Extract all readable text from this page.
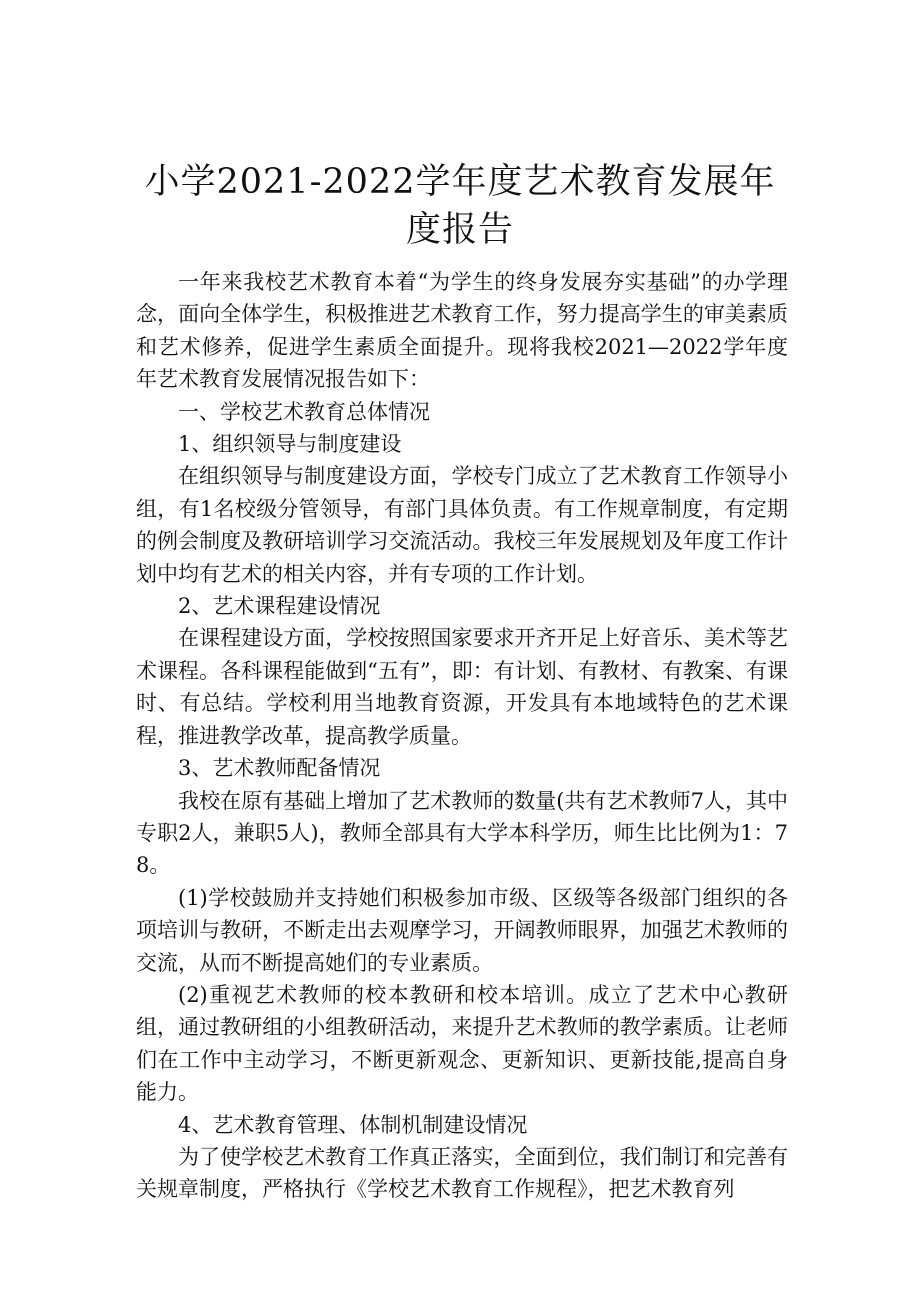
小学2021-2022学年度艺术教育发展年度报告

一年来我校艺术教育本着“为学生的终身发展夯实基础”的办学理念，面向全体学生，积极推进艺术教育工作，努力提高学生的审美素质和艺术修养，促进学生素质全面提升。现将我校2021—2022学年度年艺术教育发展情况报告如下：

一、学校艺术教育总体情况

1、组织领导与制度建设

在组织领导与制度建设方面，学校专门成立了艺术教育工作领导小组，有1名校级分管领导，有部门具体负责。有工作规章制度，有定期的例会制度及教研培训学习交流活动。我校三年发展规划及年度工作计划中均有艺术的相关内容，并有专项的工作计划。

2、艺术课程建设情况

在课程建设方面，学校按照国家要求开齐开足上好音乐、美术等艺术课程。各科课程能做到“五有”，即：有计划、有教材、有教案、有课时、有总结。学校利用当地教育资源，开发具有本地域特色的艺术课程，推进教学改革，提高教学质量。

3、艺术教师配备情况

我校在原有基础上增加了艺术教师的数量(共有艺术教师7人，其中专职2人，兼职5人)，教师全部具有大学本科学历，师生比比例为1：78。

(1)学校鼓励并支持她们积极参加市级、区级等各级部门组织的各项培训与教研，不断走出去观摩学习，开阔教师眼界，加强艺术教师的交流，从而不断提高她们的专业素质。

(2)重视艺术教师的校本教研和校本培训。成立了艺术中心教研组，通过教研组的小组教研活动，来提升艺术教师的教学素质。让老师们在工作中主动学习，不断更新观念、更新知识、更新技能,提高自身能力。

4、艺术教育管理、体制机制建设情况

为了使学校艺术教育工作真正落实，全面到位，我们制订和完善有关规章制度，严格执行《学校艺术教育工作规程》，把艺术教育列
